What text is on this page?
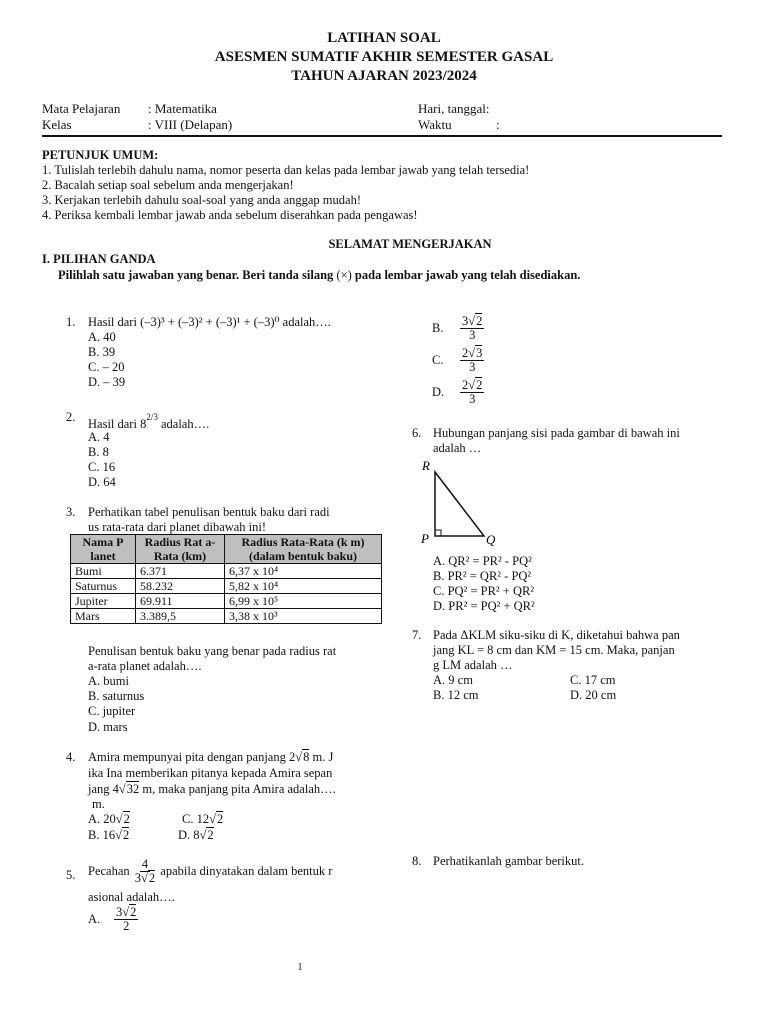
LATIHAN SOAL
ASESMEN SUMATIF AKHIR SEMESTER GASAL
TAHUN AJARAN 2023/2024
Mata Pelajaran : Matematika	Hari, tanggal:
Kelas	: VIII (Delapan)	Waktu	:
PETUNJUK UMUM:
1. Tulislah terlebih dahulu nama, nomor peserta dan kelas pada lembar jawab yang telah tersedia!
2. Bacalah setiap soal sebelum anda mengerjakan!
3. Kerjakan terlebih dahulu soal-soal yang anda anggap mudah!
4. Periksa kembali lembar jawab anda sebelum diserahkan pada pengawas!
SELAMAT MENGERJAKAN
I. PILIHAN GANDA
Pilihlah satu jawaban yang benar. Beri tanda silang (×) pada lembar jawab yang telah disediakan.
1. Hasil dari (–3)³ + (–3)² + (–3)¹ + (–3)⁰ adalah….
A. 40
B. 39
C. – 20
D. – 39
2. Hasil dari $8^{2/3}$ adalah….
A. 4
B. 8
C. 16
D. 64
3. Perhatikan tabel penulisan bentuk baku dari radi
us rata-rata dari planet dibawah ini!
Nama P lanet	Radius Rat a-Rata (km)	Radius Rata-Rata (k m) (dalam bentuk baku)
Bumi	6.371	6,37 x 10⁴
Saturnus	58.232	5,82 x 10⁴
Jupiter	69.911	6,99 x 10⁵
Mars	3.389,5	3,38 x 10³
Penulisan bentuk baku yang benar pada radius rat
a-rata planet adalah….
A. bumi
B. saturnus
C. jupiter
D. mars
4. Amira mempunyai pita dengan panjang 2√8 m. J
ika Ina memberikan pitanya kepada Amira sepan
jang 4√32 m, maka panjang pita Amira adalah….
m.
A. 20√2	C. 12√2
B. 16√2	D. 8√2
5. Pecahan
$\frac{4}{3√2}$
apabila dinyatakan dalam bentuk r
asional adalah….
A.	$\frac{3√2}{2}$
B.	$\frac{3√2}{3}$
C.	$\frac{2√3}{3}$
D.	$\frac{2√2}{3}$
6. Hubungan panjang sisi pada gambar di bawah ini
adalah …
R
P	Q
A. QR² = PR² - PQ²
B. PR² = QR² - PQ²
C. PQ² = PR² + QR²
D. PR² = PQ² + QR²
7. Pada ΔKLM siku-siku di K, diketahui bahwa pan
jang KL = 8 cm dan KM = 15 cm. Maka, panjan
g LM adalah …
A. 9 cm	C. 17 cm
B. 12 cm	D. 20 cm
8. Perhatikanlah gambar berikut.
1
